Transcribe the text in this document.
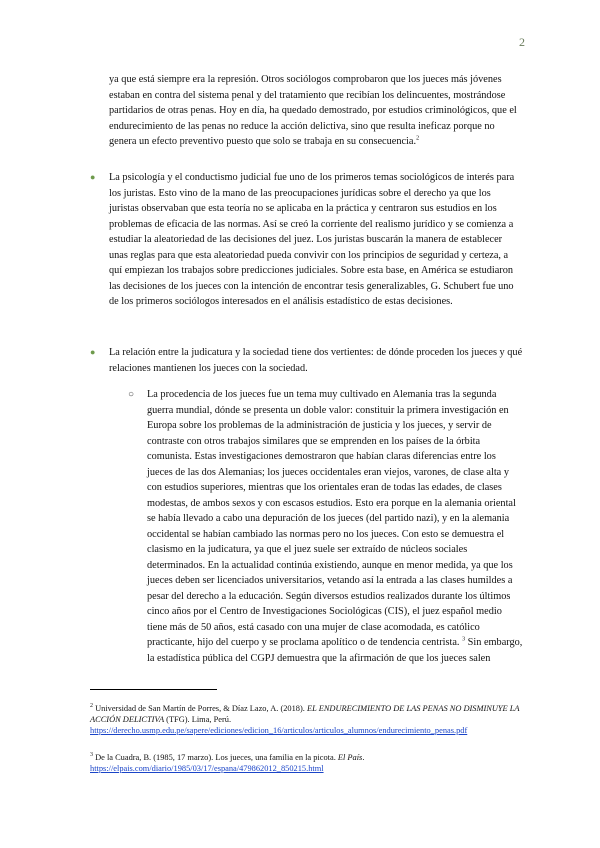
2

ya que está siempre era la represión. Otros sociólogos comprobaron que los jueces más jóvenes estaban en contra del sistema penal y del tratamiento que recibían los delincuentes, mostrándose partidarios de otras penas. Hoy en día, ha quedado demostrado, por estudios criminológicos, que el endurecimiento de las penas no reduce la acción delictiva, sino que resulta ineficaz porque no genera un efecto preventivo puesto que solo se trabaja en su consecuencia.$^2$

● La psicología y el conductismo judicial fue uno de los primeros temas sociológicos de interés para los juristas. Esto vino de la mano de las preocupaciones jurídicas sobre el derecho ya que los juristas observaban que esta teoría no se aplicaba en la práctica y centraron sus estudios en los problemas de eficacia de las normas. Así se creó la corriente del realismo jurídico y se comienza a estudiar la aleatoriedad de las decisiones del juez. Los juristas buscarán la manera de establecer unas reglas para que esta aleatoriedad pueda convivir con los principios de seguridad y certeza, a quí empiezan los trabajos sobre predicciones judiciales. Sobre esta base, en América se estudiaron las decisiones de los jueces con la intención de encontrar tesis generalizables, G. Schubert fue uno de los primeros sociólogos interesados en el análisis estadístico de estas decisiones.

● La relación entre la judicatura y la sociedad tiene dos vertientes: de dónde proceden los jueces y qué relaciones mantienen los jueces con la sociedad.

○ La procedencia de los jueces fue un tema muy cultivado en Alemania tras la segunda guerra mundial, dónde se presenta un doble valor: constituir la primera investigación en Europa sobre los problemas de la administración de justicia y los jueces, y servir de contraste con otros trabajos similares que se emprenden en los países de la órbita comunista. Estas investigaciones demostraron que habían claras diferencias entre los jueces de las dos Alemanias; los jueces occidentales eran viejos, varones, de clase alta y con estudios superiores, mientras que los orientales eran de todas las edades, de clases modestas, de ambos sexos y con escasos estudios. Esto era porque en la alemania oriental se había llevado a cabo una depuración de los jueces (del partido nazi), y en la alemania occidental se habían cambiado las normas pero no los jueces. Con esto se demuestra el clasismo en la judicatura, ya que el juez suele ser extraído de núcleos sociales determinados. En la actualidad continúa existiendo, aunque en menor medida, ya que los jueces deben ser licenciados universitarios, vetando así la entrada a las clases humildes a pesar del derecho a la educación. Según diversos estudios realizados durante los últimos cinco años por el Centro de Investigaciones Sociológicas (CIS), el juez español medio tiene más de 50 años, está casado con una mujer de clase acomodada, es católico practicante, hijo del cuerpo y se proclama apolítico o de tendencia centrista. $^3$ Sin embargo, la estadística pública del CGPJ demuestra que la afirmación de que los jueces salen

$^2$ Universidad de San Martín de Porres, & Díaz Lazo, A. (2018). EL ENDURECIMIENTO DE LAS PENAS NO DISMINUYE LA ACCIÓN DELICTIVA (TFG). Lima, Perú.
https://derecho.usmp.edu.pe/sapere/ediciones/edicion_16/articulos/articulos_alumnos/endurecimiento_penas.pdf

$^3$ De la Cuadra, B. (1985, 17 marzo). Los jueces, una familia en la picota. El País.
https://elpais.com/diario/1985/03/17/espana/479862012_850215.html
